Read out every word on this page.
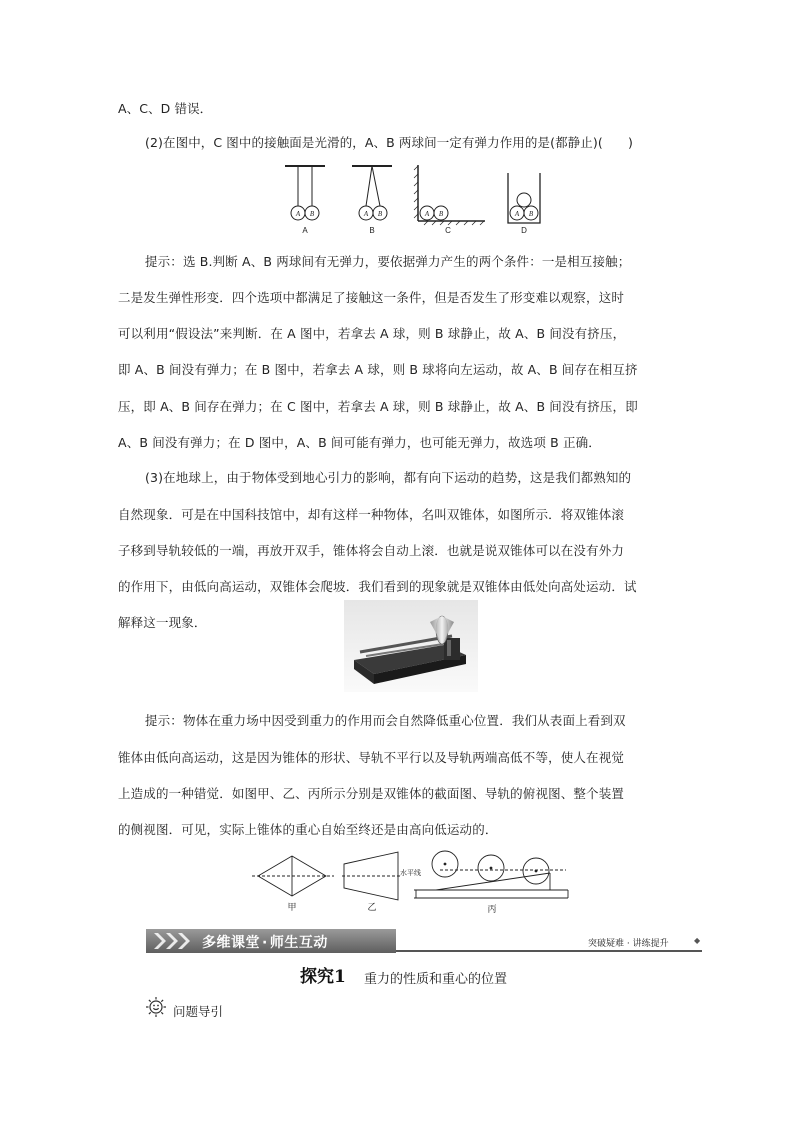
A、C、D 错误．
(2)在图中，C 图中的接触面是光滑的，A、B 两球间一定有弹力作用的是(都静止)(　　)
A B	A B	A B	A B
A	B	C	D
提示：选 B.判断 A、B 两球间有无弹力，要依据弹力产生的两个条件：一是相互接触；
二是发生弹性形变．四个选项中都满足了接触这一条件，但是否发生了形变难以观察，这时
可以利用“假设法”来判断．在 A 图中，若拿去 A 球，则 B 球静止，故 A、B 间没有挤压，
即 A、B 间没有弹力；在 B 图中，若拿去 A 球，则 B 球将向左运动，故 A、B 间存在相互挤
压，即 A、B 间存在弹力；在 C 图中，若拿去 A 球，则 B 球静止，故 A、B 间没有挤压，即
A、B 间没有弹力；在 D 图中，A、B 间可能有弹力，也可能无弹力，故选项 B 正确．
(3)在地球上，由于物体受到地心引力的影响，都有向下运动的趋势，这是我们都熟知的
自然现象．可是在中国科技馆中，却有这样一种物体，名叫双锥体，如图所示．将双锥体滚
子移到导轨较低的一端，再放开双手，锥体将会自动上滚．也就是说双锥体可以在没有外力
的作用下，由低向高运动，双锥体会爬坡．我们看到的现象就是双锥体由低处向高处运动．试
解释这一现象．
提示：物体在重力场中因受到重力的作用而会自然降低重心位置．我们从表面上看到双
锥体由低向高运动，这是因为锥体的形状、导轨不平行以及导轨两端高低不等，使人在视觉
上造成的一种错觉．如图甲、乙、丙所示分别是双锥体的截面图、导轨的俯视图、整个装置
的侧视图．可见，实际上锥体的重心自始至终还是由高向低运动的．
水平线
甲	乙	丙
多维课堂 · 师生互动	突破疑难 · 讲练提升	◆
探究1 重力的性质和重心的位置
问题导引
